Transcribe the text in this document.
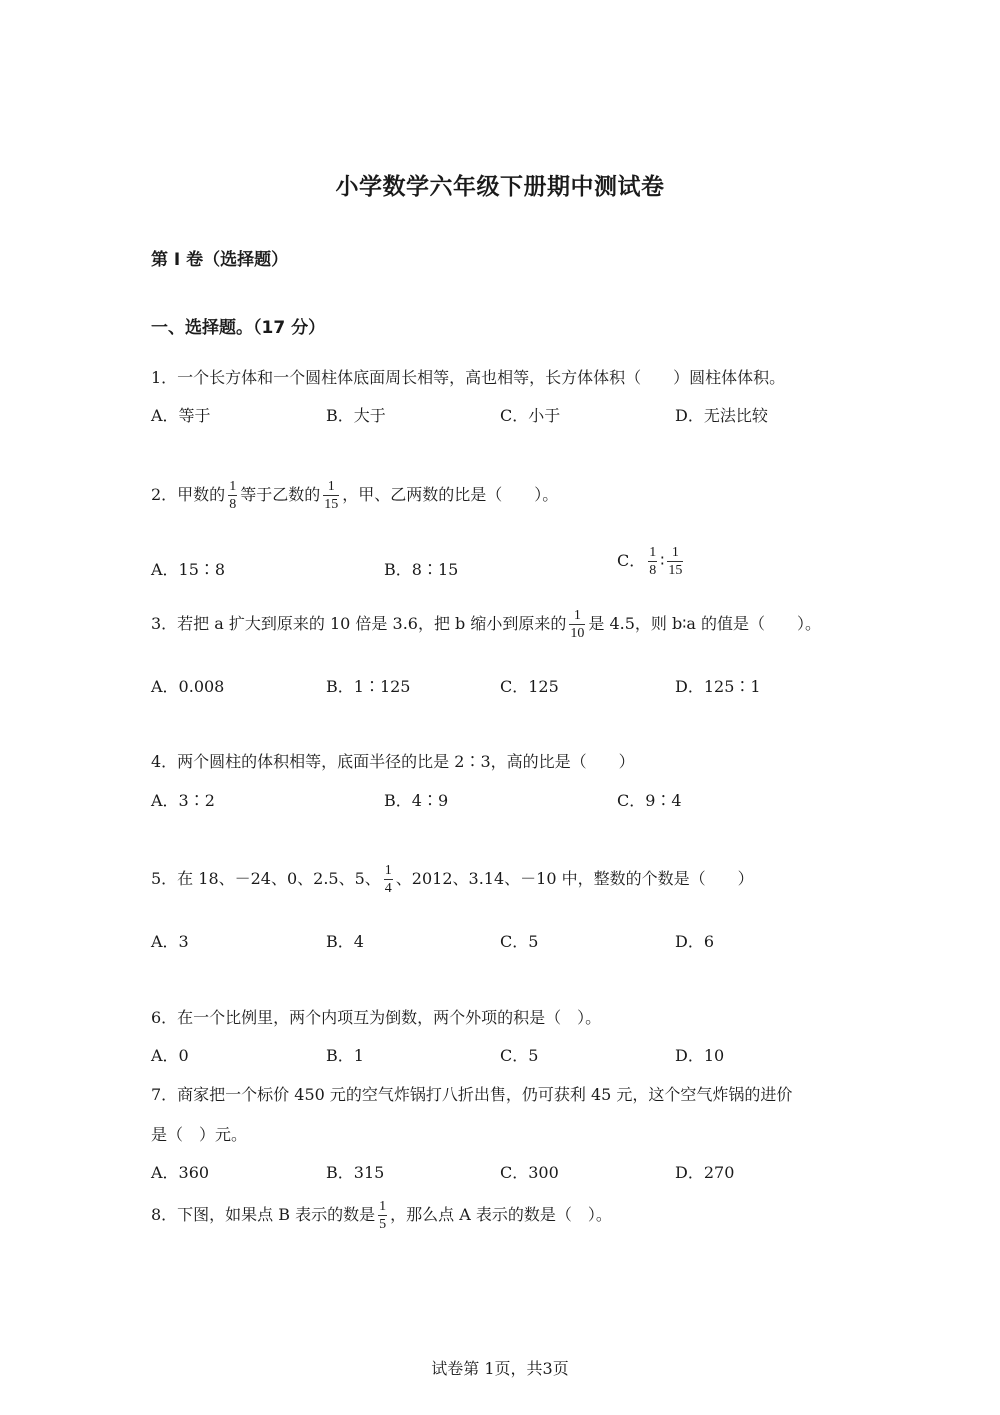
小学数学六年级下册期中测试卷
第 I 卷（选择题）
一、选择题。（17 分）
1．一个长方体和一个圆柱体底面周长相等，高也相等，长方体体积（　　）圆柱体体积。
A．等于	B．大于	C．小于	D．无法比较
2．甲数的 $\frac{1}{8}$ 等于乙数的 $\frac{1}{15}$ ，甲、乙两数的比是（　　）。
A．15∶8	B．8∶15	C． $\frac{1}{8}$ ∶ $\frac{1}{15}$
3．若把 a 扩大到原来的 10 倍是 3.6，把 b 缩小到原来的 $\frac{1}{10}$ 是 4.5，则 b∶a 的值是（　　）。
A．0.008	B．1∶125	C．125	D．125∶1
4．两个圆柱的体积相等，底面半径的比是 2∶3，高的比是（　　）
A．3∶2	B．4∶9	C．9∶4
5．在 18、－24、0、2.5、5、 $\frac{1}{4}$ 、2012、3.14、－10 中，整数的个数是（　　）
A．3	B．4	C．5	D．6
6．在一个比例里，两个内项互为倒数，两个外项的积是（　）。
A．0	B．1	C．5	D．10
7．商家把一个标价 450 元的空气炸锅打八折出售，仍可获利 45 元，这个空气炸锅的进价
是（　）元。
A．360	B．315	C．300	D．270
8．下图，如果点 B 表示的数是 $\frac{1}{5}$ ，那么点 A 表示的数是（　）。
试卷第 1页，共3页
